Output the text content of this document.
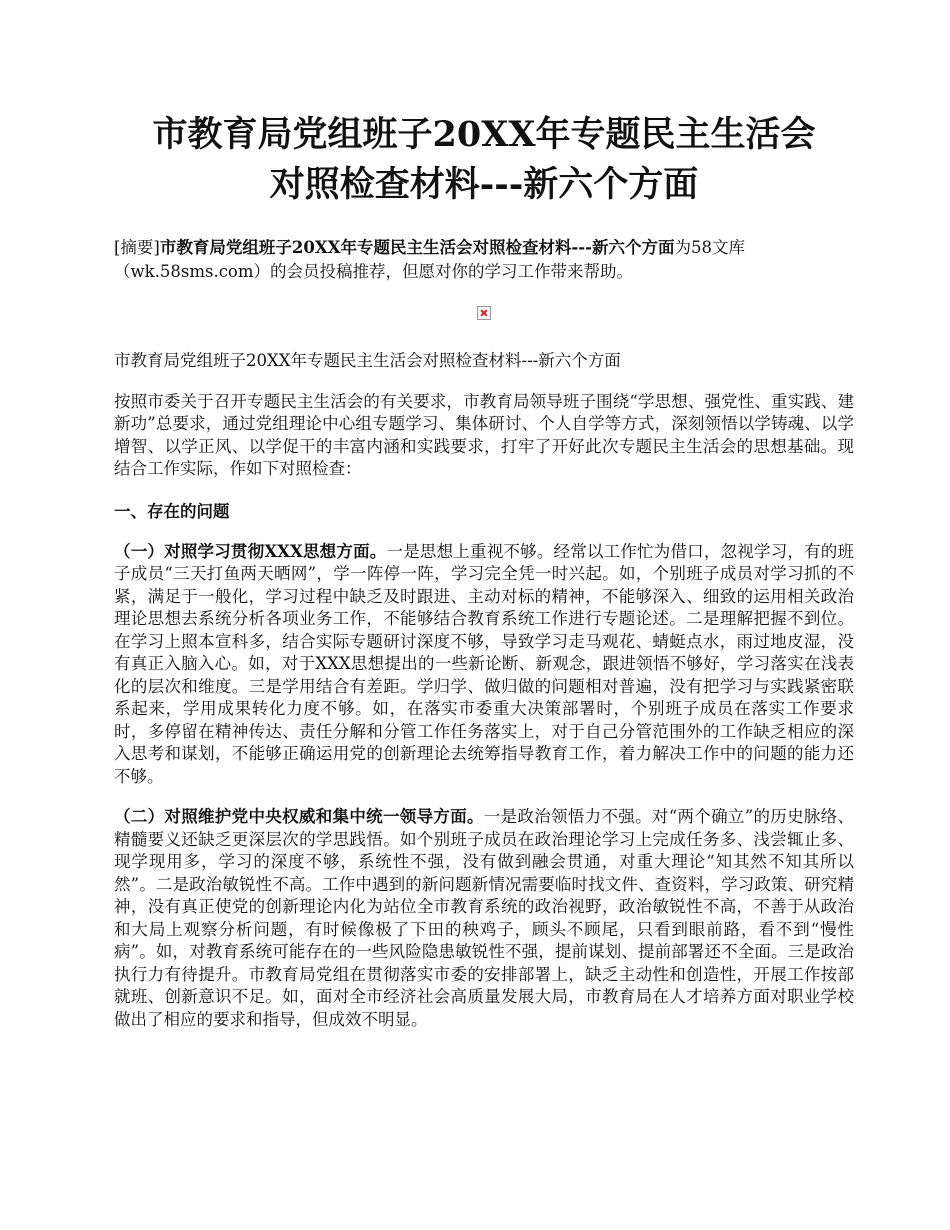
市教育局党组班子20XX年专题民主生活会
对照检查材料---新六个方面
[摘要]市教育局党组班子20XX年专题民主生活会对照检查材料---新六个方面为58文库（wk.58sms.com）的会员投稿推荐，但愿对你的学习工作带来帮助。

市教育局党组班子20XX年专题民主生活会对照检查材料---新六个方面

按照市委关于召开专题民主生活会的有关要求，市教育局领导班子围绕“学思想、强党性、重实践、建新功”总要求，通过党组理论中心组专题学习、集体研讨、个人自学等方式，深刻领悟以学铸魂、以学增智、以学正风、以学促干的丰富内涵和实践要求，打牢了开好此次专题民主生活会的思想基础。现结合工作实际，作如下对照检查：

一、存在的问题

（一）对照学习贯彻XXX思想方面。一是思想上重视不够。经常以工作忙为借口，忽视学习，有的班子成员“三天打鱼两天晒网”，学一阵停一阵，学习完全凭一时兴起。如，个别班子成员对学习抓的不紧，满足于一般化，学习过程中缺乏及时跟进、主动对标的精神，不能够深入、细致的运用相关政治理论思想去系统分析各项业务工作，不能够结合教育系统工作进行专题论述。二是理解把握不到位。在学习上照本宣科多，结合实际专题研讨深度不够，导致学习走马观花、蜻蜓点水，雨过地皮湿，没有真正入脑入心。如，对于XXX思想提出的一些新论断、新观念，跟进领悟不够好，学习落实在浅表化的层次和维度。三是学用结合有差距。学归学、做归做的问题相对普遍，没有把学习与实践紧密联系起来，学用成果转化力度不够。如，在落实市委重大决策部署时，个别班子成员在落实工作要求时，多停留在精神传达、责任分解和分管工作任务落实上，对于自己分管范围外的工作缺乏相应的深入思考和谋划，不能够正确运用党的创新理论去统筹指导教育工作，着力解决工作中的问题的能力还不够。

（二）对照维护党中央权威和集中统一领导方面。一是政治领悟力不强。对“两个确立”的历史脉络、精髓要义还缺乏更深层次的学思践悟。如个别班子成员在政治理论学习上完成任务多、浅尝辄止多、现学现用多，学习的深度不够，系统性不强，没有做到融会贯通，对重大理论“知其然不知其所以然”。二是政治敏锐性不高。工作中遇到的新问题新情况需要临时找文件、查资料，学习政策、研究精神，没有真正使党的创新理论内化为站位全市教育系统的政治视野，政治敏锐性不高，不善于从政治和大局上观察分析问题，有时候像极了下田的秧鸡子，顾头不顾尾，只看到眼前路，看不到“慢性病”。如，对教育系统可能存在的一些风险隐患敏锐性不强，提前谋划、提前部署还不全面。三是政治执行力有待提升。市教育局党组在贯彻落实市委的安排部署上，缺乏主动性和创造性，开展工作按部就班、创新意识不足。如，面对全市经济社会高质量发展大局，市教育局在人才培养方面对职业学校做出了相应的要求和指导，但成效不明显。
